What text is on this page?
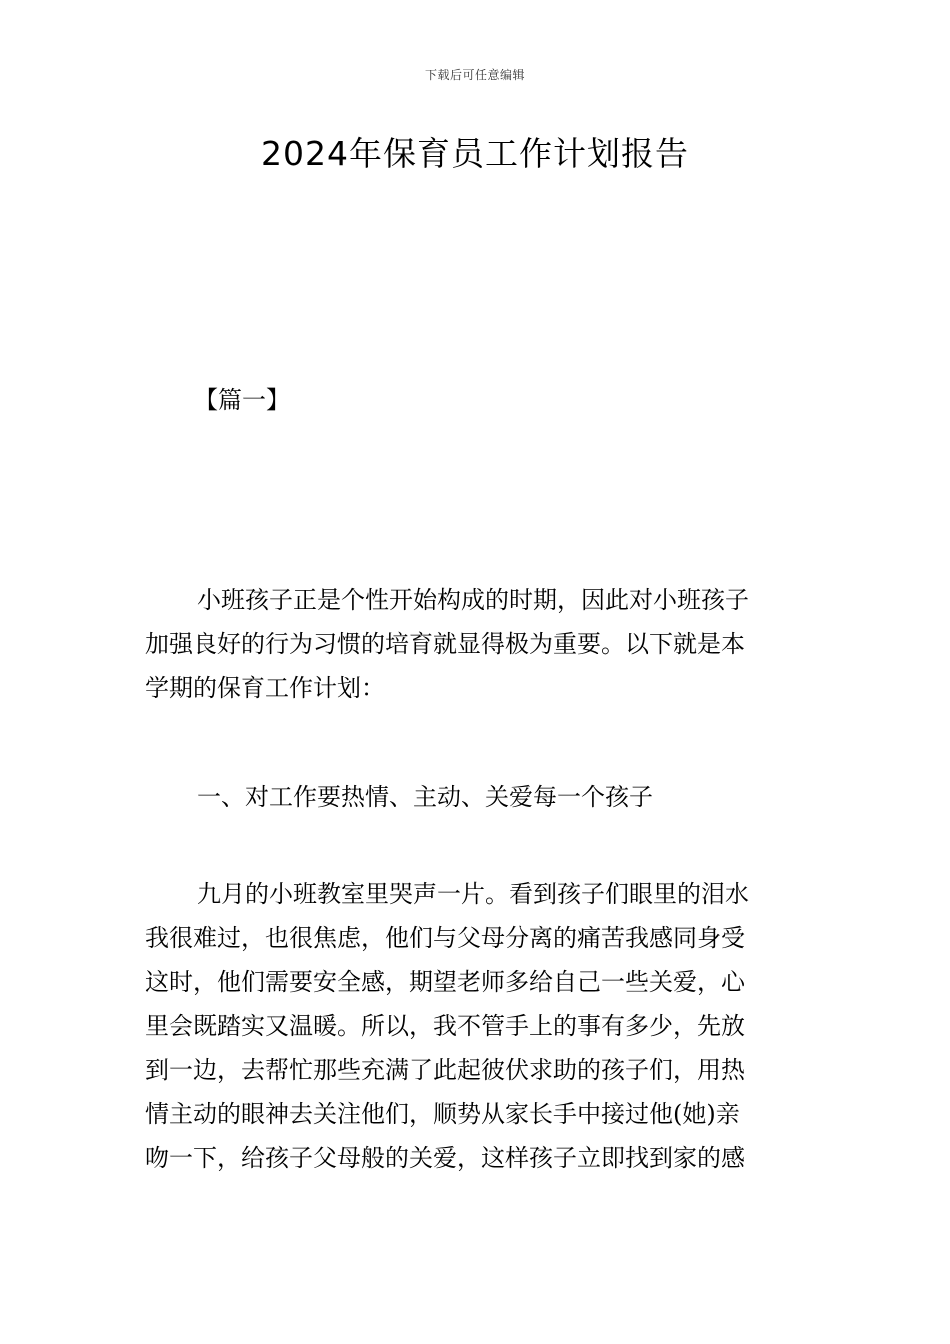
下载后可任意编辑
2024年保育员工作计划报告
【篇一】
小班孩子正是个性开始构成的时期，因此对小班孩子
加强良好的行为习惯的培育就显得极为重要。以下就是本
学期的保育工作计划：
一、对工作要热情、主动、关爱每一个孩子
九月的小班教室里哭声一片。看到孩子们眼里的泪水
我很难过，也很焦虑，他们与父母分离的痛苦我感同身受
这时，他们需要安全感，期望老师多给自己一些关爱，心
里会既踏实又温暖。所以，我不管手上的事有多少，先放
到一边，去帮忙那些充满了此起彼伏求助的孩子们，用热
情主动的眼神去关注他们，顺势从家长手中接过他(她)亲
吻一下，给孩子父母般的关爱，这样孩子立即找到家的感
